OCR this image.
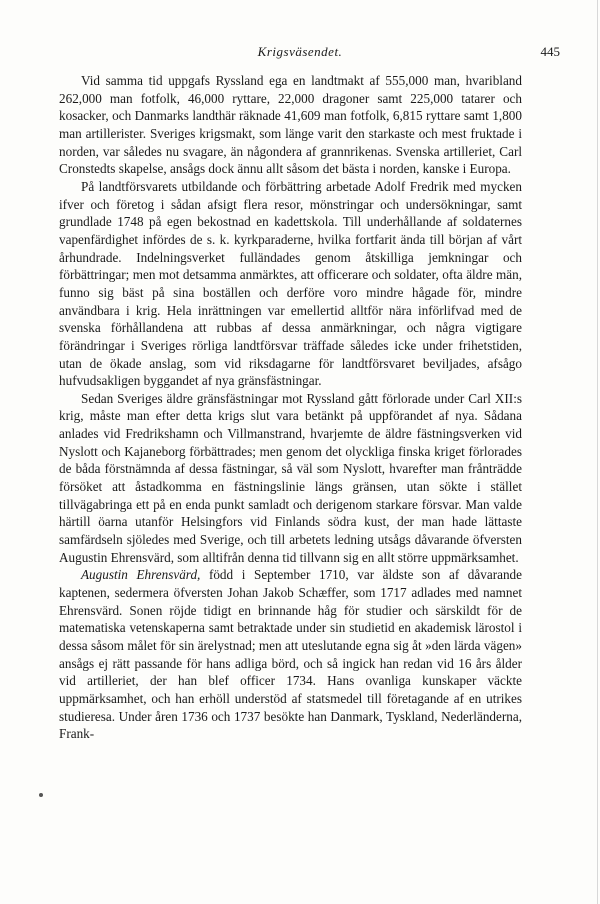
Krigsväsendet.	445

Vid samma tid uppgafs Ryssland ega en landtmakt af 555,000 man, hvaribland 262,000 man fotfolk, 46,000 ryttare, 22,000 dragoner samt 225,000 tatarer och kosacker, och Danmarks landthär räknade 41,609 man fotfolk, 6,815 ryttare samt 1,800 man artillerister. Sveriges krigsmakt, som länge varit den starkaste och mest fruktade i norden, var således nu svagare, än någondera af grannrikenas. Svenska artilleriet, Carl Cronstedts skapelse, ansågs dock ännu allt såsom det bästa i norden, kanske i Europa.

På landtförsvarets utbildande och förbättring arbetade Adolf Fredrik med mycken ifver och företog i sådan afsigt flera resor, mönstringar och undersökningar, samt grundlade 1748 på egen bekostnad en kadettskola. Till underhållande af soldaternes vapenfärdighet infördes de s. k. kyrkparaderne, hvilka fortfarit ända till början af vårt århundrade. Indelningsverket fulländades genom åtskilliga jemkningar och förbättringar; men mot detsamma anmärktes, att officerare och soldater, ofta äldre män, funno sig bäst på sina boställen och derföre voro mindre hågade för, mindre användbara i krig. Hela inrättningen var emellertid alltför nära införlifvad med de svenska förhållandena att rubbas af dessa anmärkningar, och några vigtigare förändringar i Sveriges rörliga landtförsvar träffade således icke under frihetstiden, utan de ökade anslag, som vid riksdagarne för landtförsvaret beviljades, afsågo hufvudsakligen byggandet af nya gränsfästningar.

Sedan Sveriges äldre gränsfästningar mot Ryssland gått förlorade under Carl XII:s krig, måste man efter detta krigs slut vara betänkt på uppförandet af nya. Sådana anlades vid Fredrikshamn och Villmanstrand, hvarjemte de äldre fästningsverken vid Nyslott och Kajaneborg förbättrades; men genom det olyckliga finska kriget förlorades de båda förstnämnda af dessa fästningar, så väl som Nyslott, hvarefter man frånträdde försöket att åstadkomma en fästningslinie längs gränsen, utan sökte i stället tillvägabringa ett på en enda punkt samladt och derigenom starkare försvar. Man valde härtill öarna utanför Helsingfors vid Finlands södra kust, der man hade lättaste samfärdseln sjöledes med Sverige, och till arbetets ledning utsågs dåvarande öfversten Augustin Ehrensvärd, som alltifrån denna tid tillvann sig en allt större uppmärksamhet.

Augustin Ehrensvärd, född i September 1710, var äldste son af dåvarande kaptenen, sedermera öfversten Johan Jakob Schæffer, som 1717 adlades med namnet Ehrensvärd. Sonen röjde tidigt en brinnande håg för studier och särskildt för de matematiska vetenskaperna samt betraktade under sin studietid en akademisk lärostol i dessa såsom målet för sin ärelystnad; men att uteslutande egna sig åt »den lärda vägen» ansågs ej rätt passande för hans adliga börd, och så ingick han redan vid 16 års ålder vid artilleriet, der han blef officer 1734. Hans ovanliga kunskaper väckte uppmärksamhet, och han erhöll understöd af statsmedel till företagande af en utrikes studieresa. Under åren 1736 och 1737 besökte han Danmark, Tyskland, Nederländerna, Frank-
